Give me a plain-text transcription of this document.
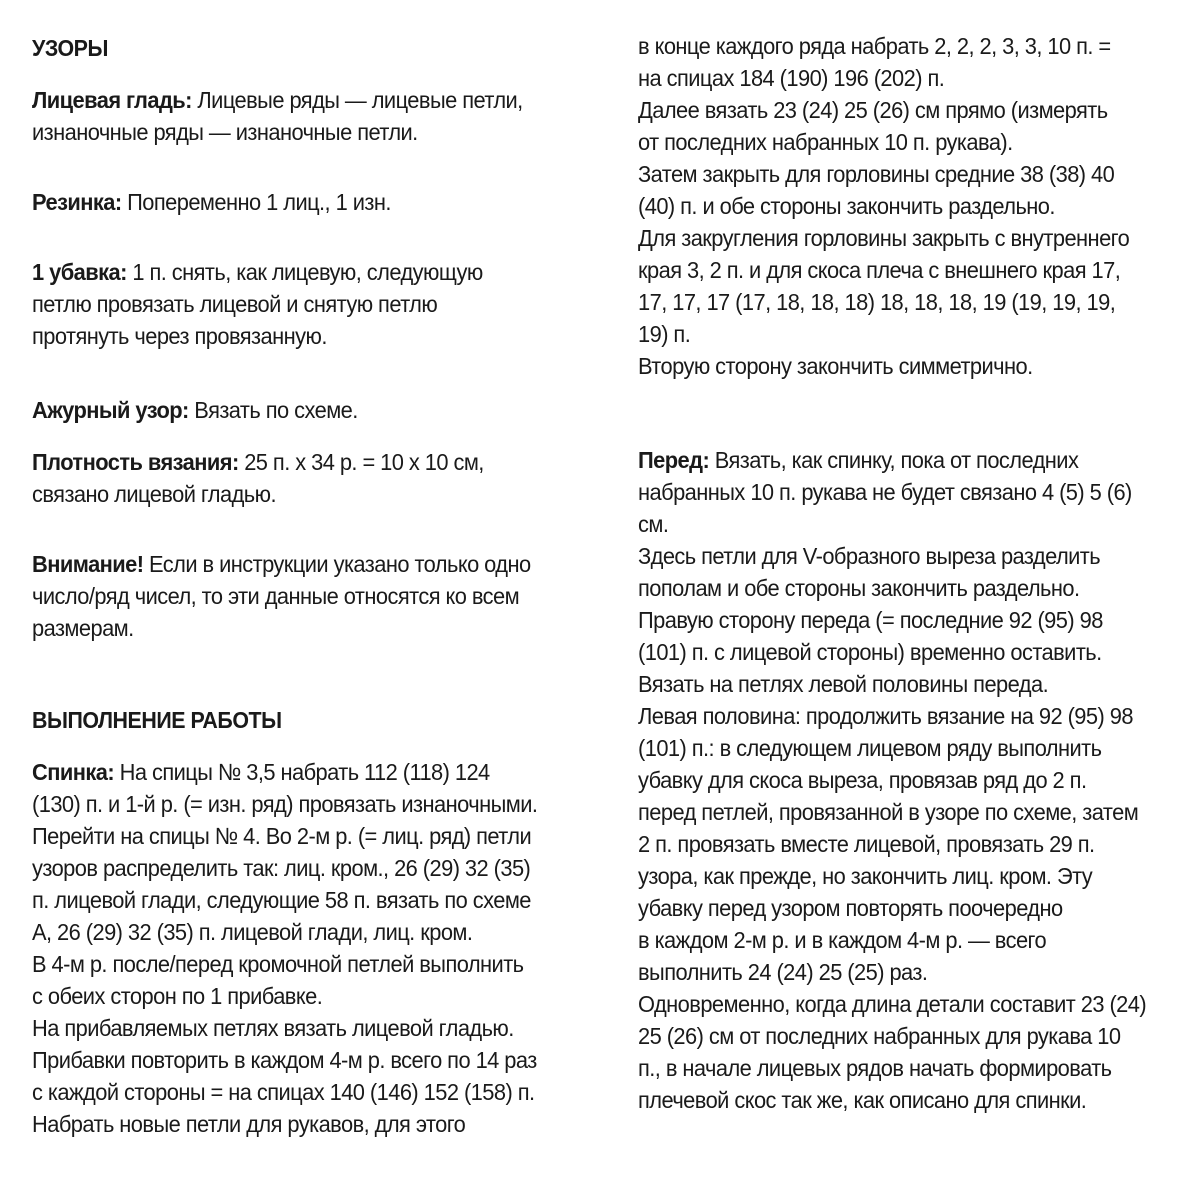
УЗОРЫ
Лицевая гладь: Лицевые ряды — лицевые петли,
изнаночные ряды — изнаночные петли.
Резинка: Попеременно 1 лиц., 1 изн.
1 убавка: 1 п. снять, как лицевую, следующую
петлю провязать лицевой и снятую петлю
протянуть через провязанную.
Ажурный узор: Вязать по схеме.
Плотность вязания: 25 п. х 34 р. = 10 х 10 см,
связано лицевой гладью.
Внимание! Если в инструкции указано только одно
число/ряд чисел, то эти данные относятся ко всем
размерам.
ВЫПОЛНЕНИЕ РАБОТЫ
Спинка: На спицы № 3,5 набрать 112 (118) 124
(130) п. и 1-й р. (= изн. ряд) провязать изнаночными.
Перейти на спицы № 4. Во 2-м р. (= лиц. ряд) петли
узоров распределить так: лиц. кром., 26 (29) 32 (35)
п. лицевой глади, следующие 58 п. вязать по схеме
А, 26 (29) 32 (35) п. лицевой глади, лиц. кром.
В 4-м р. после/перед кромочной петлей выполнить
с обеих сторон по 1 прибавке.
На прибавляемых петлях вязать лицевой гладью.
Прибавки повторить в каждом 4-м р. всего по 14 раз
с каждой стороны = на спицах 140 (146) 152 (158) п.
Набрать новые петли для рукавов, для этого
в конце каждого ряда набрать 2, 2, 2, 3, 3, 10 п. =
на спицах 184 (190) 196 (202) п.
Далее вязать 23 (24) 25 (26) см прямо (измерять
от последних набранных 10 п. рукава).
Затем закрыть для горловины средние 38 (38) 40
(40) п. и обе стороны закончить раздельно.
Для закругления горловины закрыть с внутреннего
края 3, 2 п. и для скоса плеча с внешнего края 17,
17, 17, 17 (17, 18, 18, 18) 18, 18, 18, 19 (19, 19, 19,
19) п.
Вторую сторону закончить симметрично.
Перед: Вязать, как спинку, пока от последних
набранных 10 п. рукава не будет связано 4 (5) 5 (6)
см.
Здесь петли для V-образного выреза разделить
пополам и обе стороны закончить раздельно.
Правую сторону переда (= последние 92 (95) 98
(101) п. с лицевой стороны) временно оставить.
Вязать на петлях левой половины переда.
Левая половина: продолжить вязание на 92 (95) 98
(101) п.: в следующем лицевом ряду выполнить
убавку для скоса выреза, провязав ряд до 2 п.
перед петлей, провязанной в узоре по схеме, затем
2 п. провязать вместе лицевой, провязать 29 п.
узора, как прежде, но закончить лиц. кром. Эту
убавку перед узором повторять поочередно
в каждом 2-м р. и в каждом 4-м р. — всего
выполнить 24 (24) 25 (25) раз.
Одновременно, когда длина детали составит 23 (24)
25 (26) см от последних набранных для рукава 10
п., в начале лицевых рядов начать формировать
плечевой скос так же, как описано для спинки.
